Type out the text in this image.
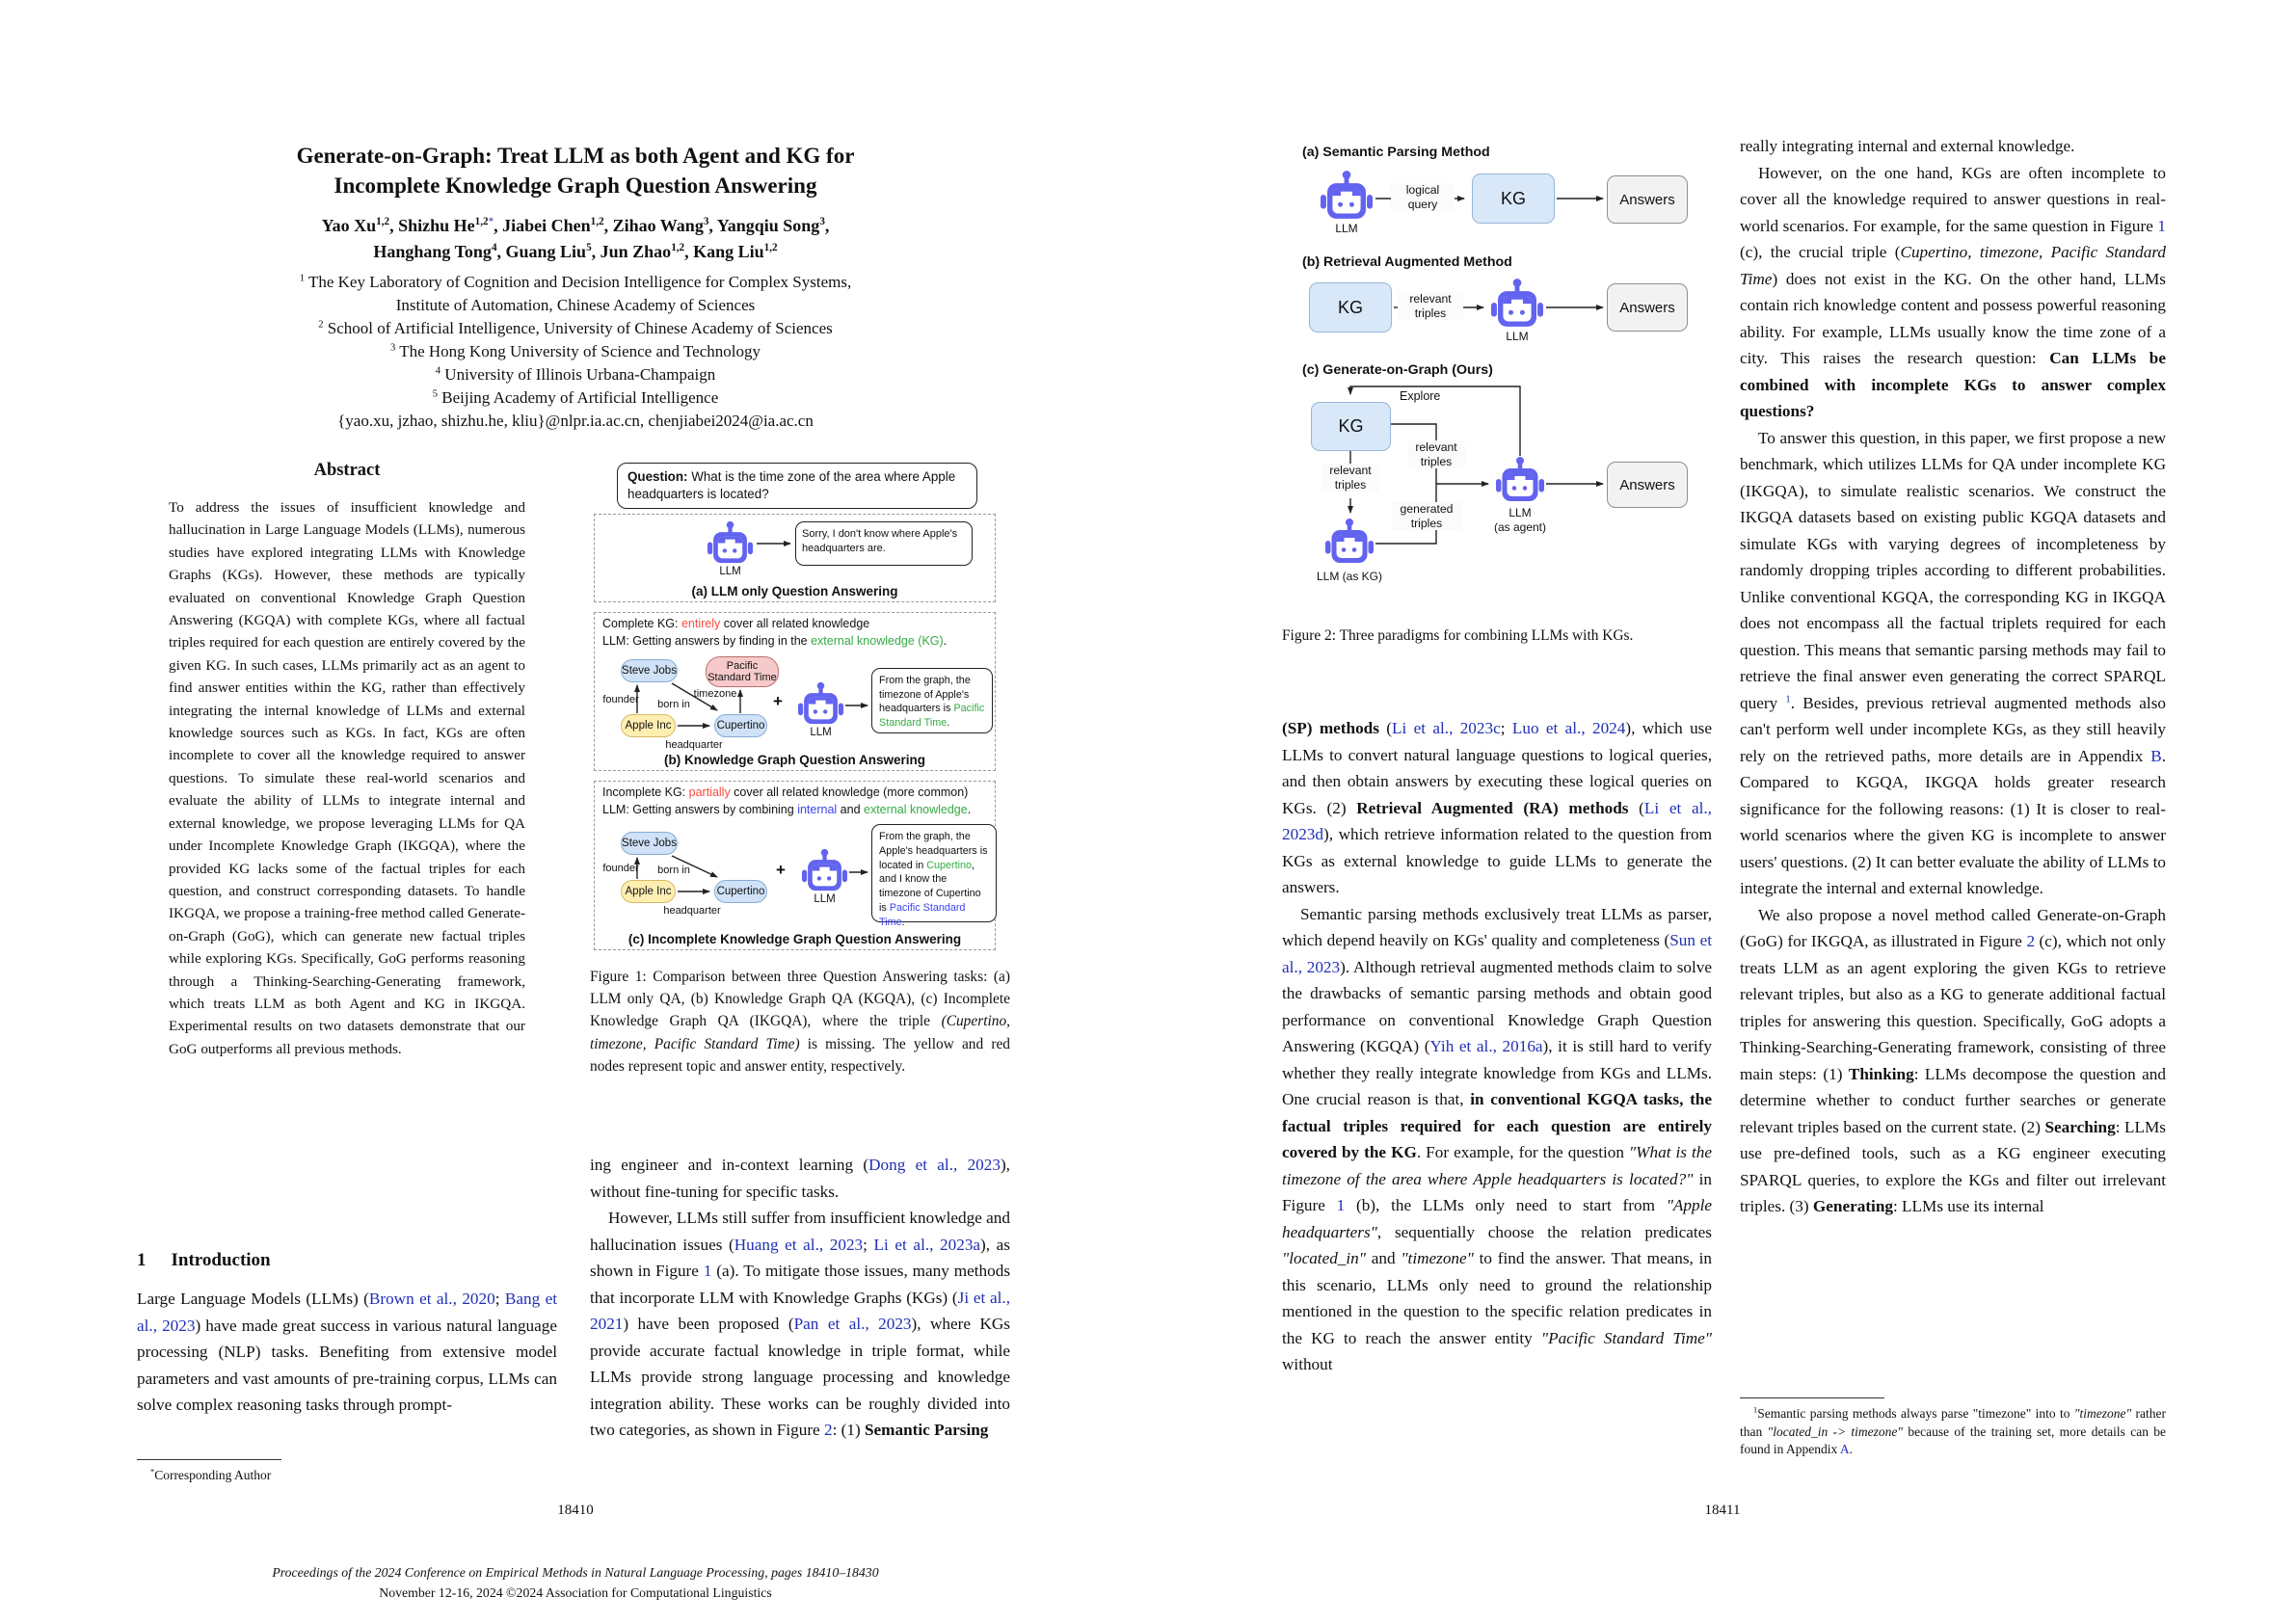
Generate-on-Graph: Treat LLM as both Agent and KG for
Incomplete Knowledge Graph Question Answering
Yao Xu$^{1,2}$, Shizhu He$^{1,2*}$, Jiabei Chen$^{1,2}$, Zihao Wang$^3$, Yangqiu Song$^3$,
Hanghang Tong$^4$, Guang Liu$^5$, Jun Zhao$^{1,2}$, Kang Liu$^{1,2}$
$^1$ The Key Laboratory of Cognition and Decision Intelligence for Complex Systems,
Institute of Automation, Chinese Academy of Sciences
$^2$ School of Artificial Intelligence, University of Chinese Academy of Sciences
$^3$ The Hong Kong University of Science and Technology
$^4$ University of Illinois Urbana-Champaign
$^5$ Beijing Academy of Artificial Intelligence
{yao.xu, jzhao, shizhu.he, kliu}@nlpr.ia.ac.cn, chenjiabei2024@ia.ac.cn
Abstract
To address the issues of insufficient knowledge and hallucination in Large Language Models (LLMs), numerous studies have explored integrating LLMs with Knowledge Graphs (KGs). However, these methods are typically evaluated on conventional Knowledge Graph Question Answering (KGQA) with complete KGs, where all factual triples required for each question are entirely covered by the given KG. In such cases, LLMs primarily act as an agent to find answer entities within the KG, rather than effectively integrating the internal knowledge of LLMs and external knowledge sources such as KGs. In fact, KGs are often incomplete to cover all the knowledge required to answer questions. To simulate these real-world scenarios and evaluate the ability of LLMs to integrate internal and external knowledge, we propose leveraging LLMs for QA under Incomplete Knowledge Graph (IKGQA), where the provided KG lacks some of the factual triples for each question, and construct corresponding datasets. To handle IKGQA, we propose a training-free method called Generate-on-Graph (GoG), which can generate new factual triples while exploring KGs. Specifically, GoG performs reasoning through a Thinking-Searching-Generating framework, which treats LLM as both Agent and KG in IKGQA. Experimental results on two datasets demonstrate that our GoG outperforms all previous methods.
1 Introduction

Large Language Models (LLMs) (Brown et al., 2020; Bang et al., 2023) have made great success in various natural language processing (NLP) tasks. Benefiting from extensive model parameters and vast amounts of pre-training corpus, LLMs can solve complex reasoning tasks through prompt-

*Corresponding Author
Question: What is the time zone of the area where Apple headquarters is located?
LLM
Sorry, I don't know where Apple's headquarters are.
(a) LLM only Question Answering
Complete KG: entirely cover all related knowledge
LLM: Getting answers by finding in the external knowledge (KG).
Steve Jobs	Pacific Standard Time
Apple Inc	Cupertino
founder	born in
timezone
headquarter
+
LLM
From the graph, the timezone of Apple's headquarters is Pacific Standard Time.
(b) Knowledge Graph Question Answering
Incomplete KG: partially cover all related knowledge (more common)
LLM: Getting answers by combining internal and external knowledge.
Steve Jobs
Apple Inc	Cupertino
founder	born in
headquarter
+
LLM
From the graph, the Apple's headquarters is located in Cupertino, and I know the timezone of Cupertino is Pacific Standard Time.
(c) Incomplete Knowledge Graph Question Answering
Figure 1: Comparison between three Question Answering tasks: (a) LLM only QA, (b) Knowledge Graph QA (KGQA), (c) Incomplete Knowledge Graph QA (IKGQA), where the triple (Cupertino, timezone, Pacific Standard Time) is missing. The yellow and red nodes represent topic and answer entity, respectively.

ing engineer and in-context learning (Dong et al., 2023), without fine-tuning for specific tasks.

However, LLMs still suffer from insufficient knowledge and hallucination issues (Huang et al., 2023; Li et al., 2023a), as shown in Figure 1 (a). To mitigate those issues, many methods that incorporate LLM with Knowledge Graphs (KGs) (Ji et al., 2021) have been proposed (Pan et al., 2023), where KGs provide accurate factual knowledge in triple format, while LLMs provide strong language processing and knowledge integration ability. These works can be roughly divided into two categories, as shown in Figure 2: (1) Semantic Parsing

18410
Proceedings of the 2024 Conference on Empirical Methods in Natural Language Processing, pages 18410–18430
November 12-16, 2024 ©2024 Association for Computational Linguistics
(a) Semantic Parsing Method
LLM
logical query	KG	Answers
(b) Retrieval Augmented Method
KG	relevant triples
LLM
Answers
(c) Generate-on-Graph (Ours)
Explore
KG
relevant triples
relevant triples
generated triples
LLM (as KG)
LLM
(as agent)
Answers
Figure 2: Three paradigms for combining LLMs with KGs.

(SP) methods (Li et al., 2023c; Luo et al., 2024), which use LLMs to convert natural language questions to logical queries, and then obtain answers by executing these logical queries on KGs. (2) Retrieval Augmented (RA) methods (Li et al., 2023d), which retrieve information related to the question from KGs as external knowledge to guide LLMs to generate the answers.

Semantic parsing methods exclusively treat LLMs as parser, which depend heavily on KGs' quality and completeness (Sun et al., 2023). Although retrieval augmented methods claim to solve the drawbacks of semantic parsing methods and obtain good performance on conventional Knowledge Graph Question Answering (KGQA) (Yih et al., 2016a), it is still hard to verify whether they really integrate knowledge from KGs and LLMs. One crucial reason is that, in conventional KGQA tasks, the factual triples required for each question are entirely covered by the KG. For example, for the question "What is the timezone of the area where Apple headquarters is located?" in Figure 1 (b), the LLMs only need to start from "Apple headquarters", sequentially choose the relation predicates "located_in" and "timezone" to find the answer. That means, in this scenario, LLMs only need to ground the relationship mentioned in the question to the specific relation predicates in the KG to reach the answer entity "Pacific Standard Time" without

really integrating internal and external knowledge.

However, on the one hand, KGs are often incomplete to cover all the knowledge required to answer questions in real-world scenarios. For example, for the same question in Figure 1 (c), the crucial triple (Cupertino, timezone, Pacific Standard Time) does not exist in the KG. On the other hand, LLMs contain rich knowledge content and possess powerful reasoning ability. For example, LLMs usually know the time zone of a city. This raises the research question: Can LLMs be combined with incomplete KGs to answer complex questions?

To answer this question, in this paper, we first propose a new benchmark, which utilizes LLMs for QA under incomplete KG (IKGQA), to simulate realistic scenarios. We construct the IKGQA datasets based on existing public KGQA datasets and simulate KGs with varying degrees of incompleteness by randomly dropping triples according to different probabilities. Unlike conventional KGQA, the corresponding KG in IKGQA does not encompass all the factual triplets required for each question. This means that semantic parsing methods may fail to retrieve the final answer even generating the correct SPARQL query $^1$. Besides, previous retrieval augmented methods also can't perform well under incomplete KGs, as they still heavily rely on the retrieved paths, more details are in Appendix B. Compared to KGQA, IKGQA holds greater research significance for the following reasons: (1) It is closer to real-world scenarios where the given KG is incomplete to answer users' questions. (2) It can better evaluate the ability of LLMs to integrate the internal and external knowledge.

We also propose a novel method called Generate-on-Graph (GoG) for IKGQA, as illustrated in Figure 2 (c), which not only treats LLM as an agent exploring the given KGs to retrieve relevant triples, but also as a KG to generate additional factual triples for answering this question. Specifically, GoG adopts a Thinking-Searching-Generating framework, consisting of three main steps: (1) Thinking: LLMs decompose the question and determine whether to conduct further searches or generate relevant triples based on the current state. (2) Searching: LLMs use pre-defined tools, such as a KG engineer executing SPARQL queries, to explore the KGs and filter out irrelevant triples. (3) Generating: LLMs use its internal

$^1$Semantic parsing methods always parse "timezone" into to "timezone" rather than "located_in -> timezone" because of the training set, more details can be found in Appendix A.
18411
